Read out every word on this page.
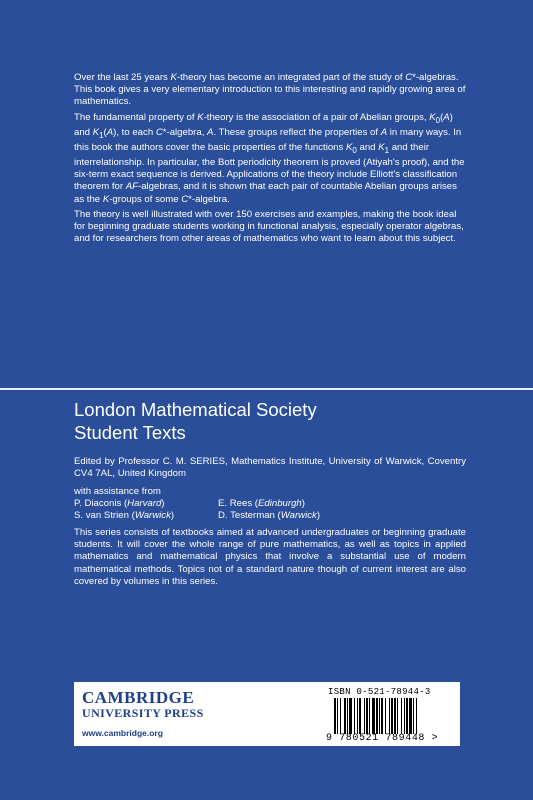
Over the last 25 years K-theory has become an integrated part of the study of C*-algebras. This book gives a very elementary introduction to this interesting and rapidly growing area of mathematics.

The fundamental property of K-theory is the association of a pair of Abelian groups, $K_0(A)$ and $K_1(A)$, to each C*-algebra, A. These groups reflect the properties of A in many ways. In this book the authors cover the basic properties of the functions $K_0$ and $K_1$ and their interrelationship. In particular, the Bott periodicity theorem is proved (Atiyah's proof), and the six-term exact sequence is derived. Applications of the theory include Elliott's classification theorem for AF-algebras, and it is shown that each pair of countable Abelian groups arises as the K-groups of some C*-algebra.

The theory is well illustrated with over 150 exercises and examples, making the book ideal for beginning graduate students working in functional analysis, especially operator algebras, and for researchers from other areas of mathematics who want to learn about this subject.

London Mathematical Society
Student Texts
Edited by Professor C. M. SERIES, Mathematics Institute, University of Warwick, Coventry CV4 7AL, United Kingdom
with assistance from
P. Diaconis (Harvard)	E. Rees (Edinburgh)
S. van Strien (Warwick)	D. Testerman (Warwick)
This series consists of textbooks aimed at advanced undergraduates or beginning graduate students. It will cover the whole range of pure mathematics, as well as topics in applied mathematics and mathematical physics that involve a substantial use of modern mathematical methods. Topics not of a standard nature though of current interest are also covered by volumes in this series.
CAMBRIDGE
UNIVERSITY PRESS
www.cambridge.org
ISBN 0-521-78944-3
9 780521 789448 >
